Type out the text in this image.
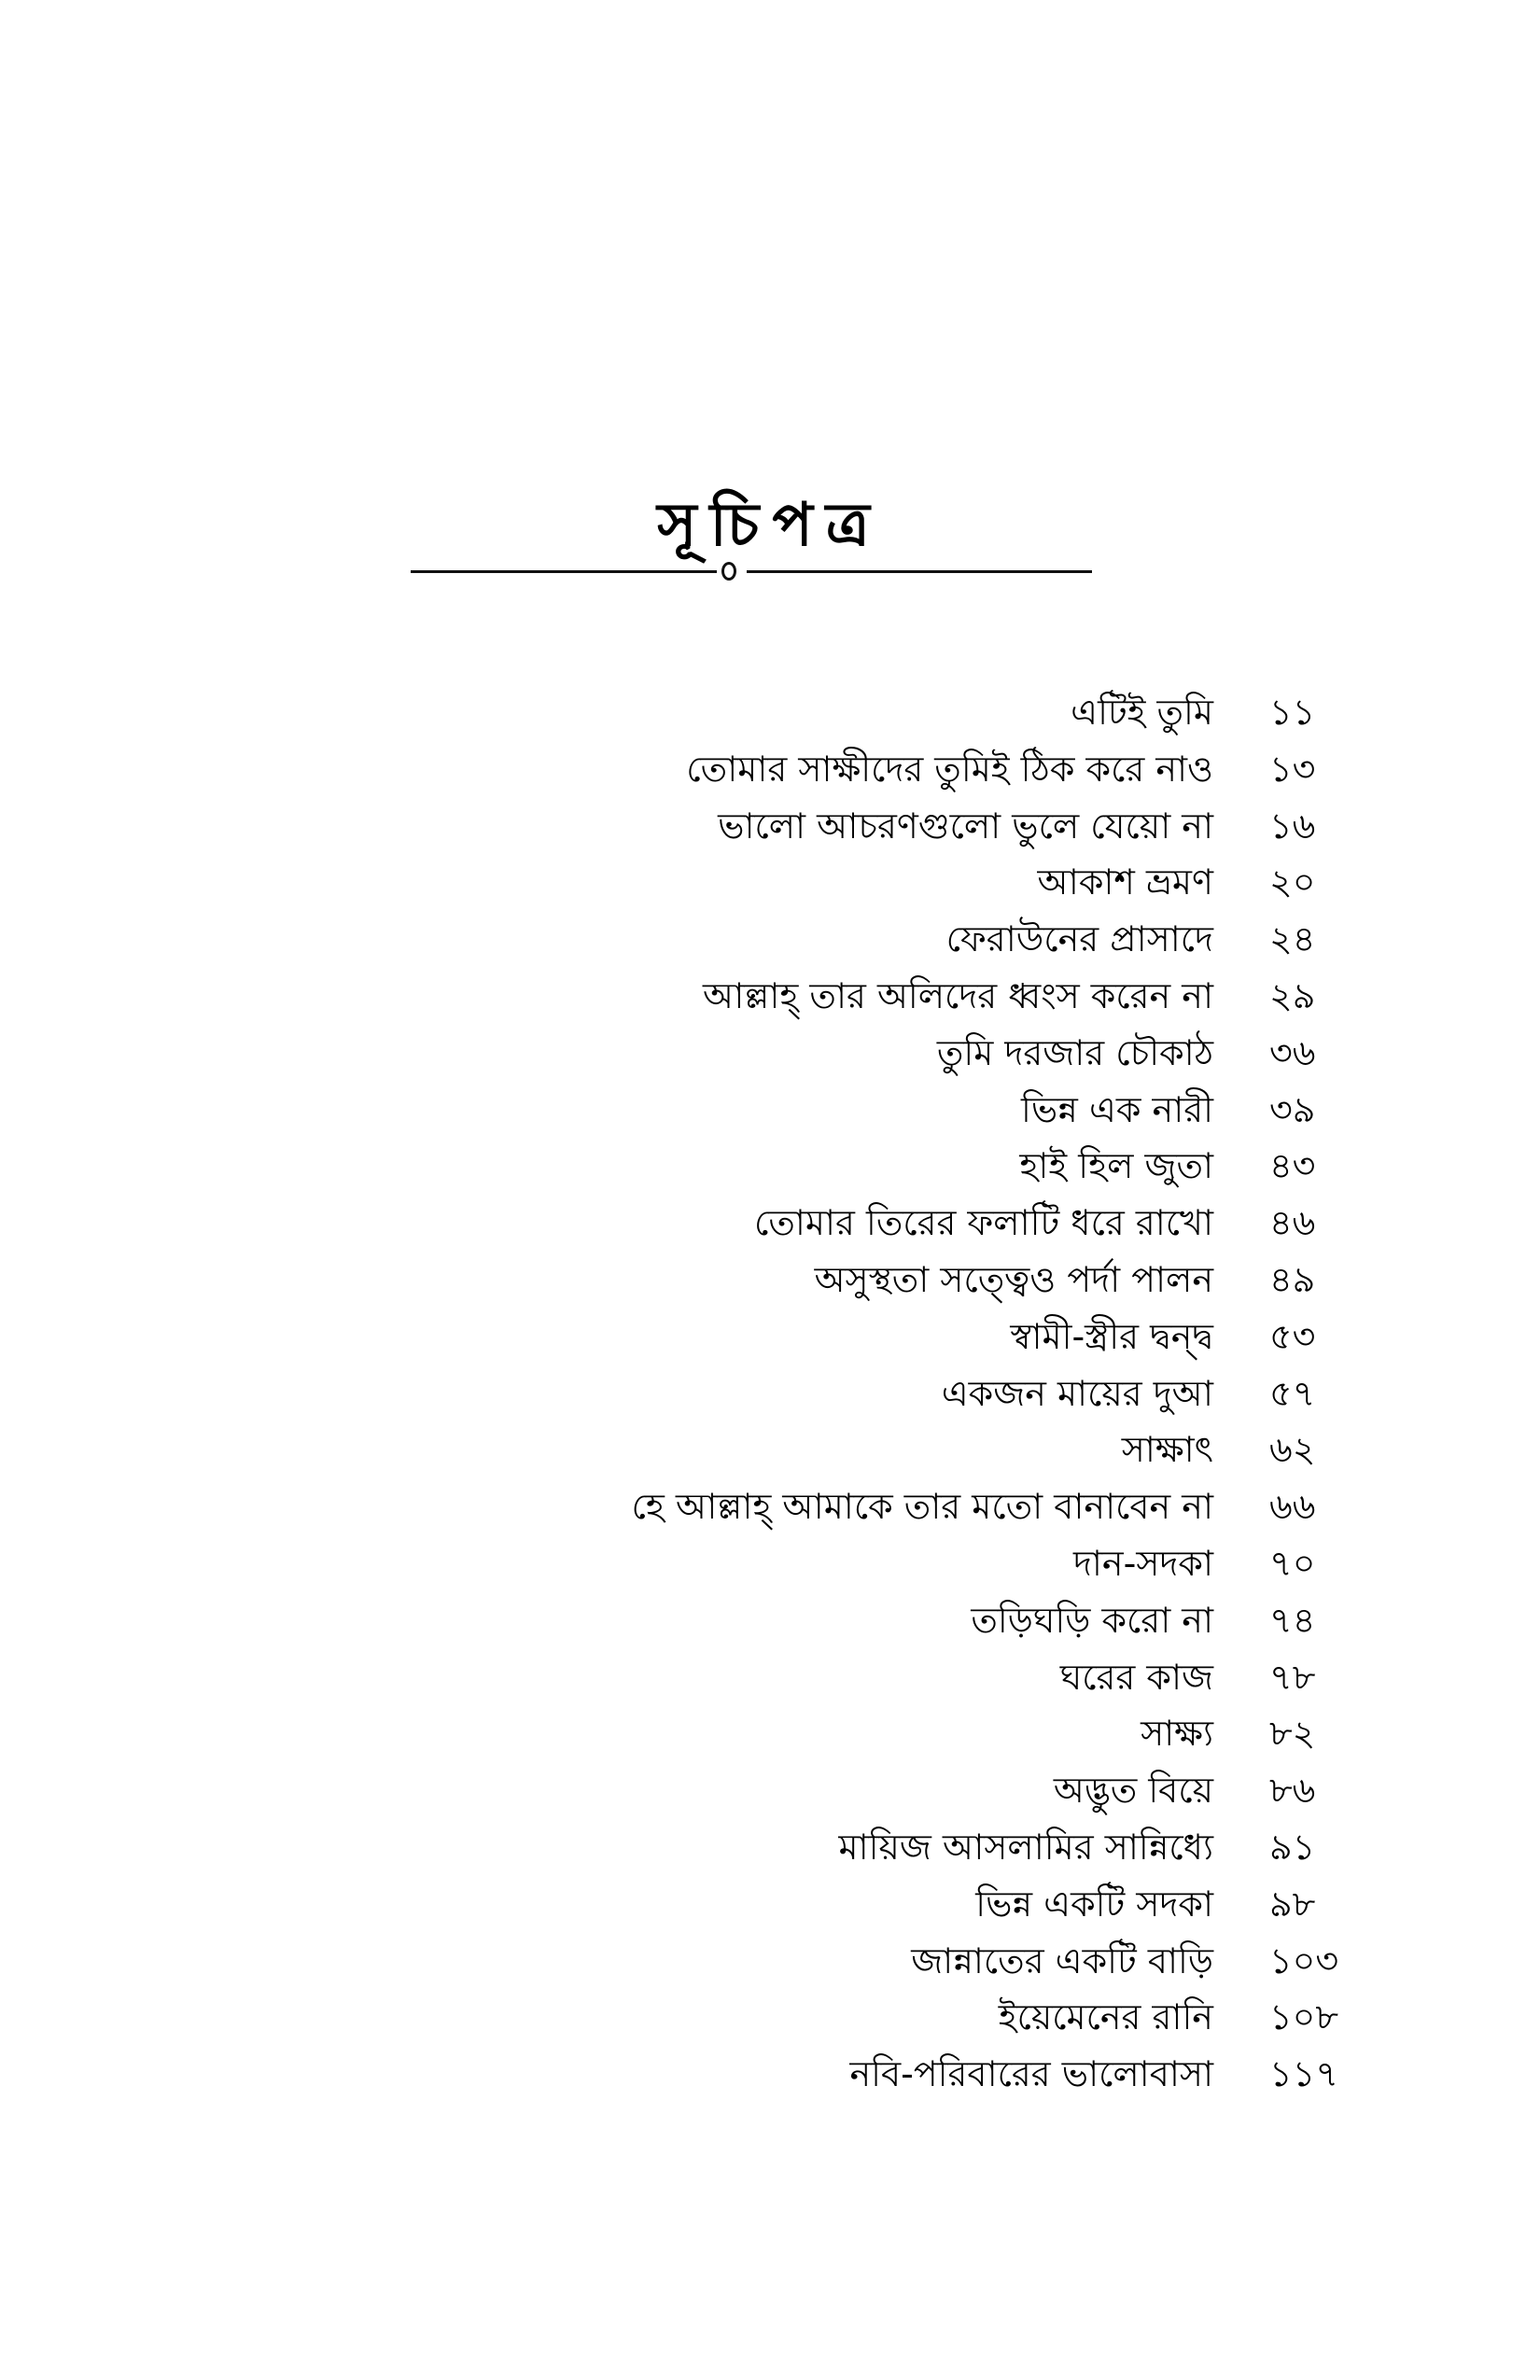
সূচিপত্র
এটিই তুমি ১১
তোমার সাক্ষীদের তুমিই ঠিক করে নাও ১৩
ভালো আচরণগুলো ভুলে যেয়ো না ১৬
আকাশ ভ্রমণ ২০
ফেরাউনের প্রাসাদে ২৪
আল্লাহ্ তার অলিদের ধ্বংস করেন না ২৯
তুমি দরজার চৌকাঠ ৩৬
ভিন্ন এক নারী ৩৯
হাই হিল জুতা ৪৩
তোমার তিরের ফলাটি ধরে রাখো ৪৬
অসুস্থতা সত্ত্বেও পর্দা পালন ৪৯
স্বামী-স্ত্রীর দ্বন্দ্ব ৫৩
একজন মায়ের দুআ ৫৭
সাক্ষাৎ ৬২
হে আল্লাহ্ আমাকে তার মতো বানাবেন না ৬৬
দান-সদকা ৭০
তড়িঘড়ি করো না ৭৪
ঘরের কাজ ৭৮
সাক্ষ্য ৮২
অদ্ভুত বিয়ে ৮৬
মায়িজ আসলামির সান্নিধ্যে ৯১
ভিন্ন একটি সদকা ৯৮
জান্নাতের একটি বাড়ি ১০৩
ইয়েমেনের রানি ১০৮
নবি-পরিবারের ভালোবাসা ১১৭
